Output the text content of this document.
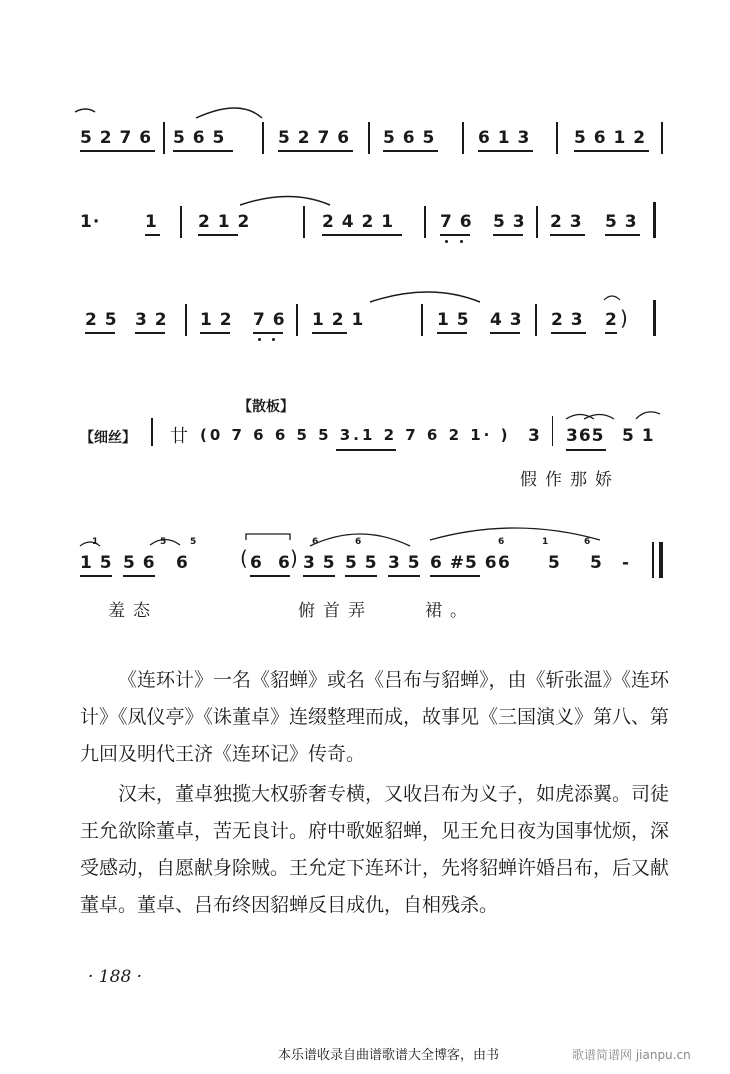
5 2 7 6 5 6 5	5 2 7 6 5 6 5	6 1 3	5 6 1 2
1·	1 2 1 2	2 4 2 1	7 6 5 3 2 3 5 3
2 5 3 2 1 2 7 6 1 2 1	1 5 4 3 2 3 2 )
【散板】
【细丝】 廿 (0 7 6 6 5 5 3.1 2 7 6 2 1· ) 3 365 5 1
假作那娇
1 5 5 6 6	( 6 6 ) 3 5 5 5 3 5 6 #5 6 6 5 5 -
1	5	5	6	6	6	1	6
羞态	俯首弄	裙。

《连环计》一名《貂蝉》或名《吕布与貂蝉》，由《斩张温》《连环计》《凤仪亭》《诛董卓》连缀整理而成，故事见《三国演义》第八、第九回及明代王济《连环记》传奇。

汉末，董卓独揽大权骄奢专横，又收吕布为义子，如虎添翼。司徒王允欲除董卓，苦无良计。府中歌姬貂蝉，见王允日夜为国事忧烦，深受感动，自愿献身除贼。王允定下连环计，先将貂蝉许婚吕布，后又献董卓。董卓、吕布终因貂蝉反目成仇，自相残杀。

· 188 ·
本乐谱收录自曲谱歌谱大全博客，由书	歌谱简谱网 jianpu.cn
